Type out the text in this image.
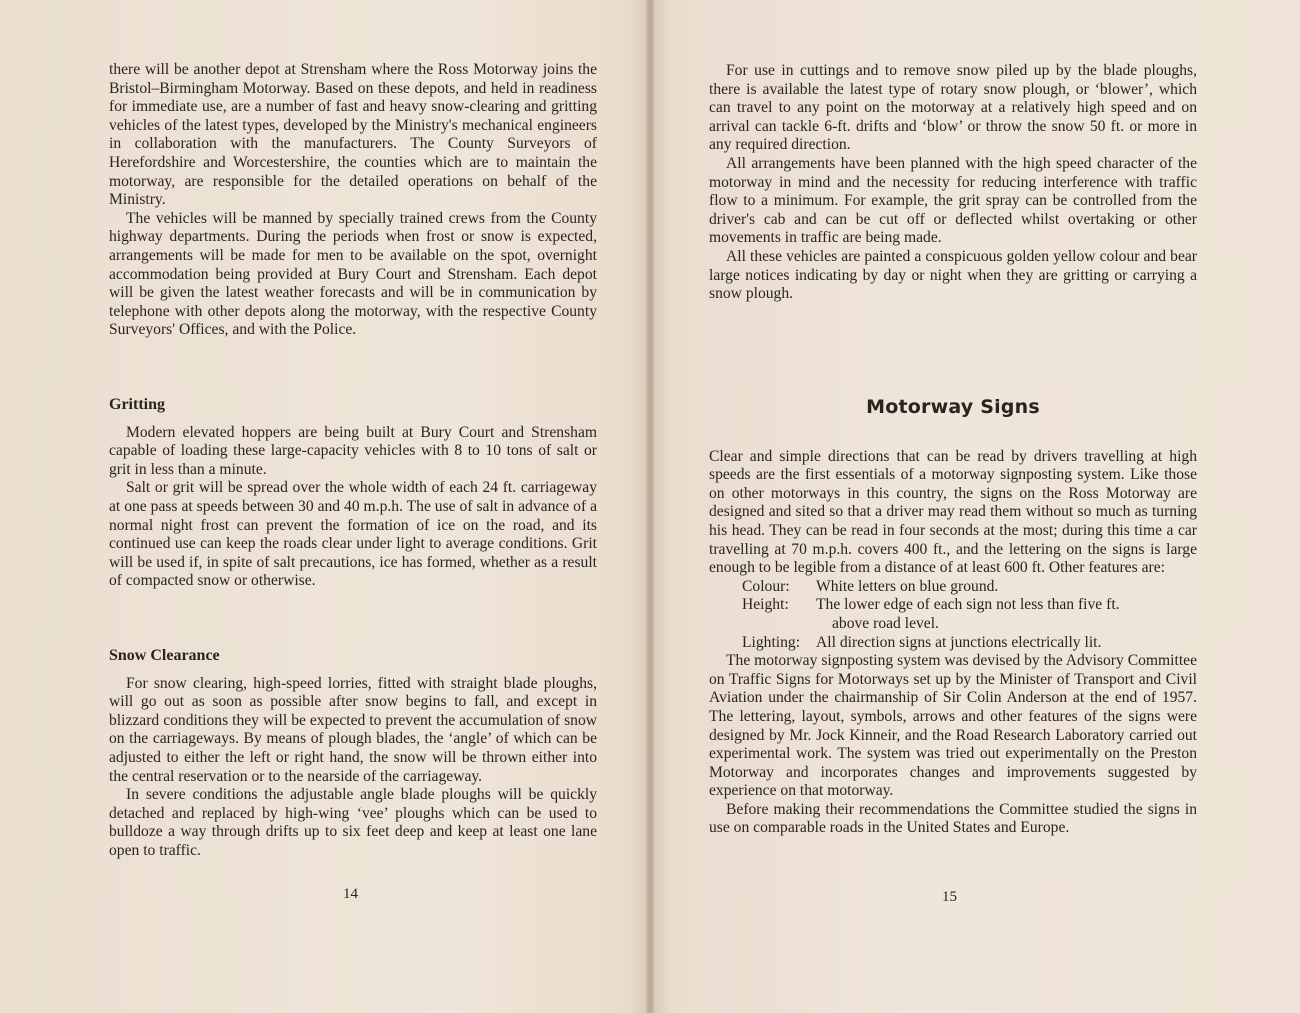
there will be another depot at Strensham where the Ross Motorway joins the Bristol–Birmingham Motorway. Based on these depots, and held in readiness for immediate use, are a number of fast and heavy snow-clearing and gritting vehicles of the latest types, developed by the Ministry's mechanical engineers in collaboration with the manufacturers. The County Surveyors of Herefordshire and Worcestershire, the counties which are to maintain the motorway, are responsible for the detailed operations on behalf of the Ministry.

The vehicles will be manned by specially trained crews from the County highway departments. During the periods when frost or snow is expected, arrangements will be made for men to be available on the spot, overnight accommodation being provided at Bury Court and Strensham. Each depot will be given the latest weather forecasts and will be in communication by telephone with other depots along the motorway, with the respective County Surveyors' Offices, and with the Police.

Gritting

Modern elevated hoppers are being built at Bury Court and Strensham capable of loading these large-capacity vehicles with 8 to 10 tons of salt or grit in less than a minute.

Salt or grit will be spread over the whole width of each 24 ft. carriageway at one pass at speeds between 30 and 40 m.p.h. The use of salt in advance of a normal night frost can prevent the formation of ice on the road, and its continued use can keep the roads clear under light to average conditions. Grit will be used if, in spite of salt precautions, ice has formed, whether as a result of compacted snow or otherwise.

Snow Clearance

For snow clearing, high-speed lorries, fitted with straight blade ploughs, will go out as soon as possible after snow begins to fall, and except in blizzard conditions they will be expected to prevent the accumulation of snow on the carriageways. By means of plough blades, the ‘angle’ of which can be adjusted to either the left or right hand, the snow will be thrown either into the central reservation or to the nearside of the carriageway.

In severe conditions the adjustable angle blade ploughs will be quickly detached and replaced by high-wing ‘vee’ ploughs which can be used to bulldoze a way through drifts up to six feet deep and keep at least one lane open to traffic.

14

For use in cuttings and to remove snow piled up by the blade ploughs, there is available the latest type of rotary snow plough, or ‘blower’, which can travel to any point on the motorway at a relatively high speed and on arrival can tackle 6-ft. drifts and ‘blow’ or throw the snow 50 ft. or more in any required direction.

All arrangements have been planned with the high speed character of the motorway in mind and the necessity for reducing interference with traffic flow to a minimum. For example, the grit spray can be controlled from the driver's cab and can be cut off or deflected whilst overtaking or other movements in traffic are being made.

All these vehicles are painted a conspicuous golden yellow colour and bear large notices indicating by day or night when they are gritting or carrying a snow plough.

Motorway Signs

Clear and simple directions that can be read by drivers travelling at high speeds are the first essentials of a motorway signposting system. Like those on other motorways in this country, the signs on the Ross Motorway are designed and sited so that a driver may read them without so much as turning his head. They can be read in four seconds at the most; during this time a car travelling at 70 m.p.h. covers 400 ft., and the lettering on the signs is large enough to be legible from a distance of at least 600 ft. Other features are:

Colour: White letters on blue ground.
Height: The lower edge of each sign not less than five ft.
above road level.
Lighting: All direction signs at junctions electrically lit.

The motorway signposting system was devised by the Advisory Committee on Traffic Signs for Motorways set up by the Minister of Transport and Civil Aviation under the chairmanship of Sir Colin Anderson at the end of 1957. The lettering, layout, symbols, arrows and other features of the signs were designed by Mr. Jock Kinneir, and the Road Research Laboratory carried out experimental work. The system was tried out experimentally on the Preston Motorway and incorporates changes and improvements suggested by experience on that motorway.

Before making their recommendations the Committee studied the signs in use on comparable roads in the United States and Europe.

15
